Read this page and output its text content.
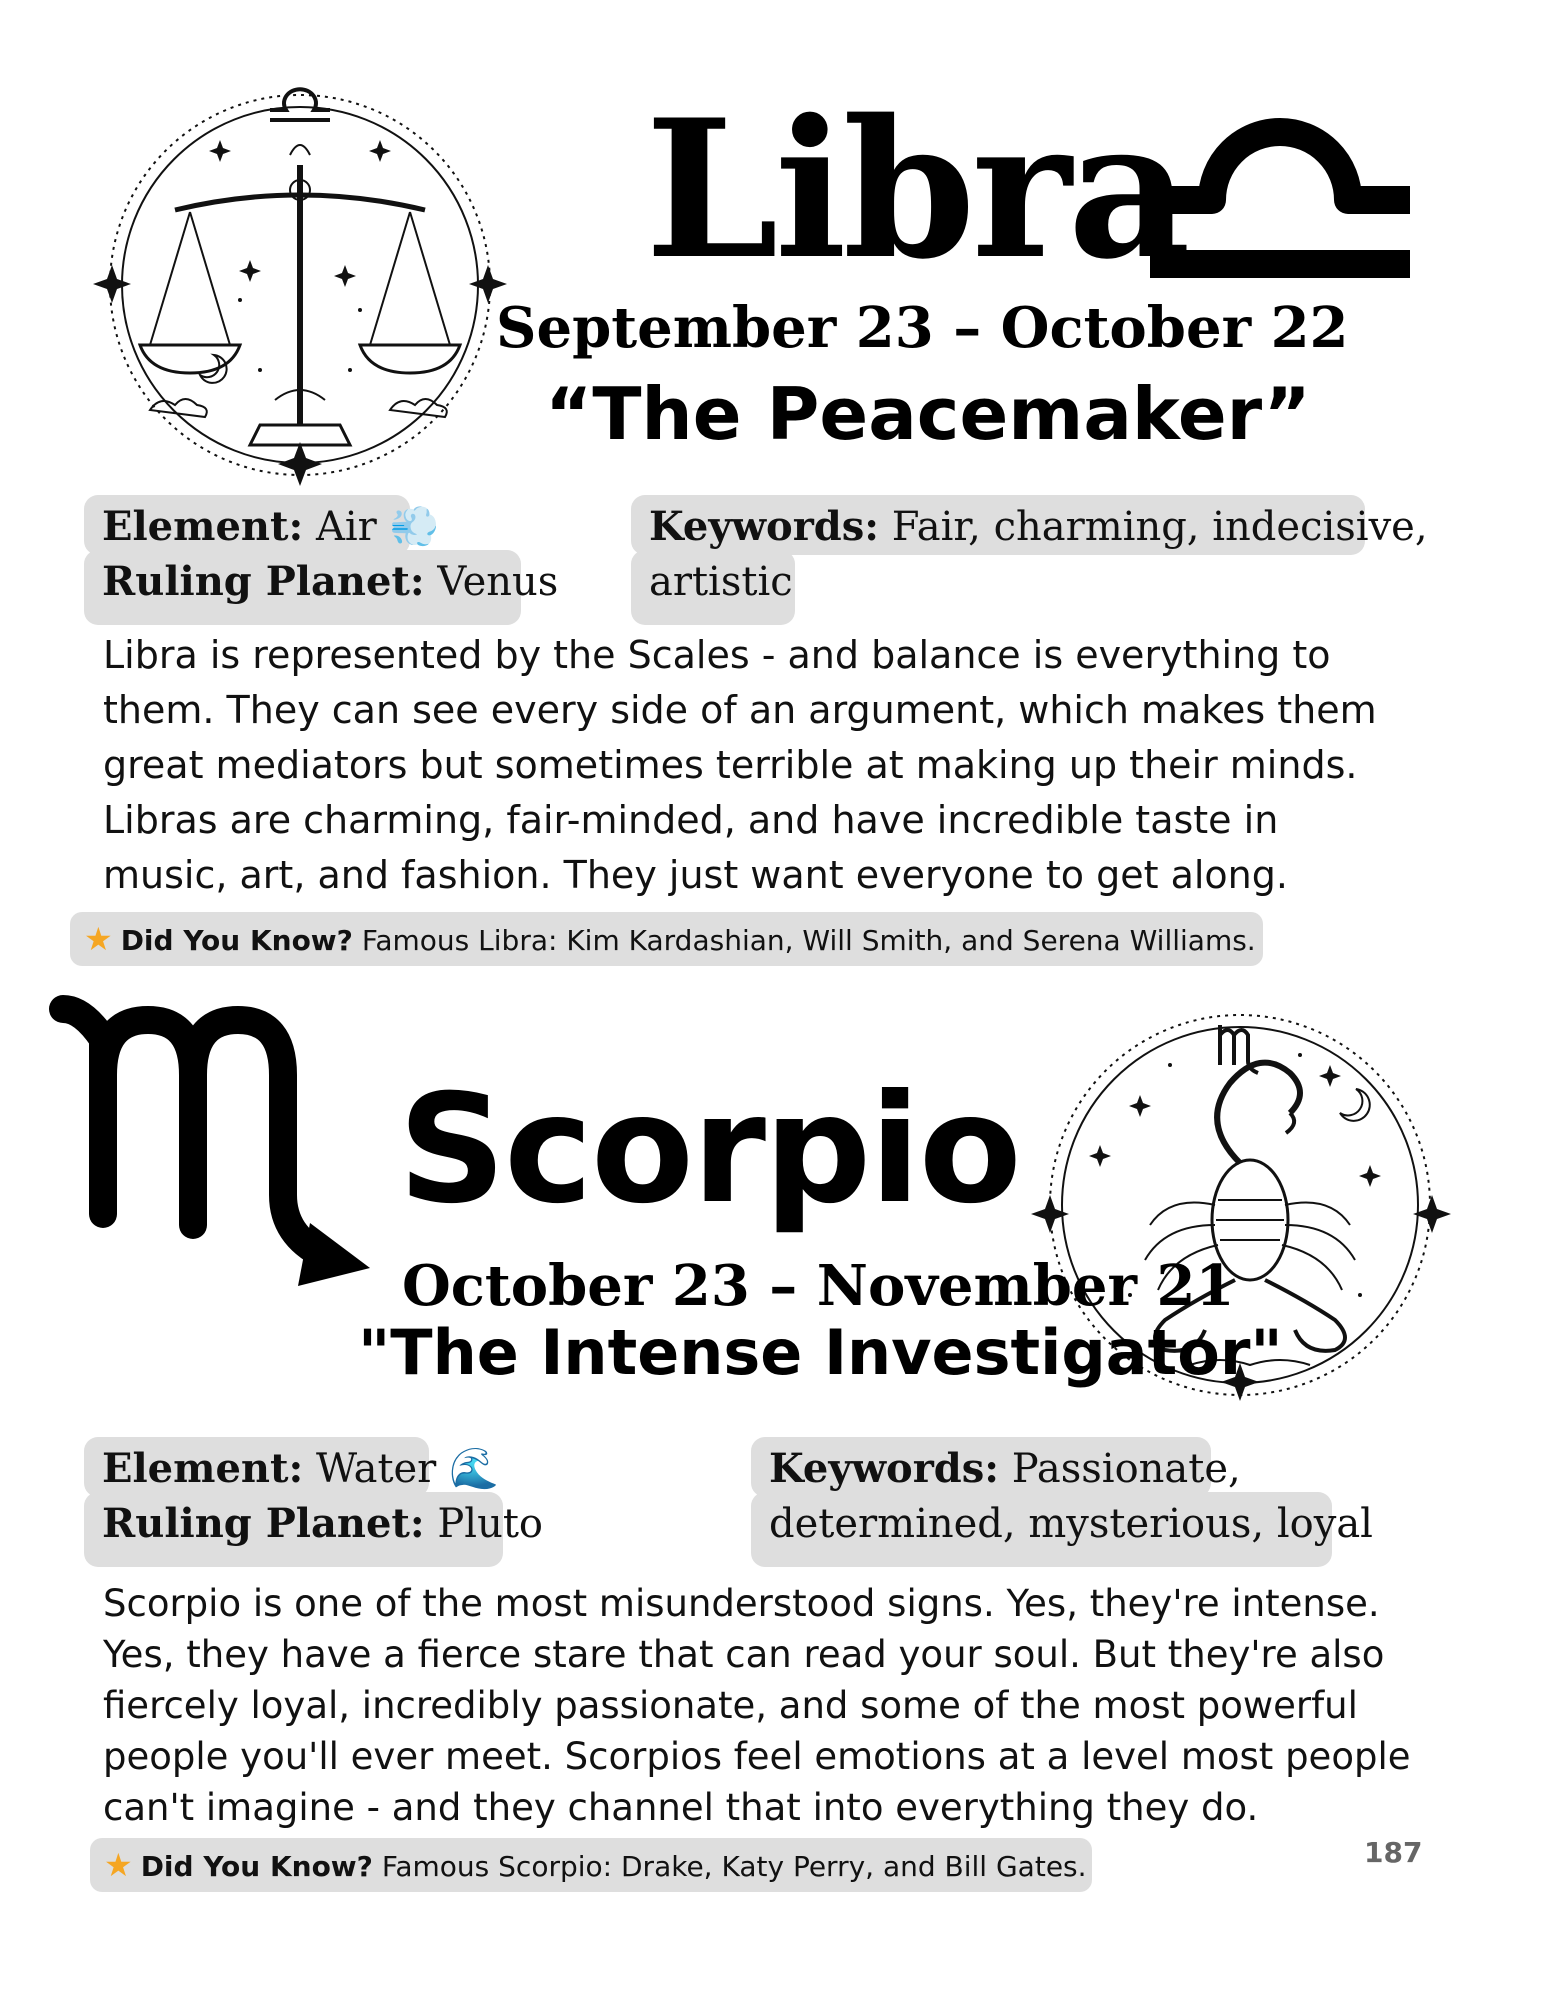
Libra
September 23 – October 22
“The Peacemaker”
Element: Air 💨
Ruling Planet: Venus
Keywords: Fair, charming, indecisive,
artistic
Libra is represented by the Scales - and balance is everything to
them. They can see every side of an argument, which makes them
great mediators but sometimes terrible at making up their minds.
Libras are charming, fair-minded, and have incredible taste in
music, art, and fashion. They just want everyone to get along.
★ Did You Know? Famous Libra: Kim Kardashian, Will Smith, and Serena Williams.
Scorpio
October 23 – November 21
"The Intense Investigator"
Element: Water 🌊
Ruling Planet: Pluto
Keywords: Passionate,
determined, mysterious, loyal
Scorpio is one of the most misunderstood signs. Yes, they're intense.
Yes, they have a fierce stare that can read your soul. But they're also
fiercely loyal, incredibly passionate, and some of the most powerful
people you'll ever meet. Scorpios feel emotions at a level most people
can't imagine - and they channel that into everything they do.
★ Did You Know? Famous Scorpio: Drake, Katy Perry, and Bill Gates.	187
